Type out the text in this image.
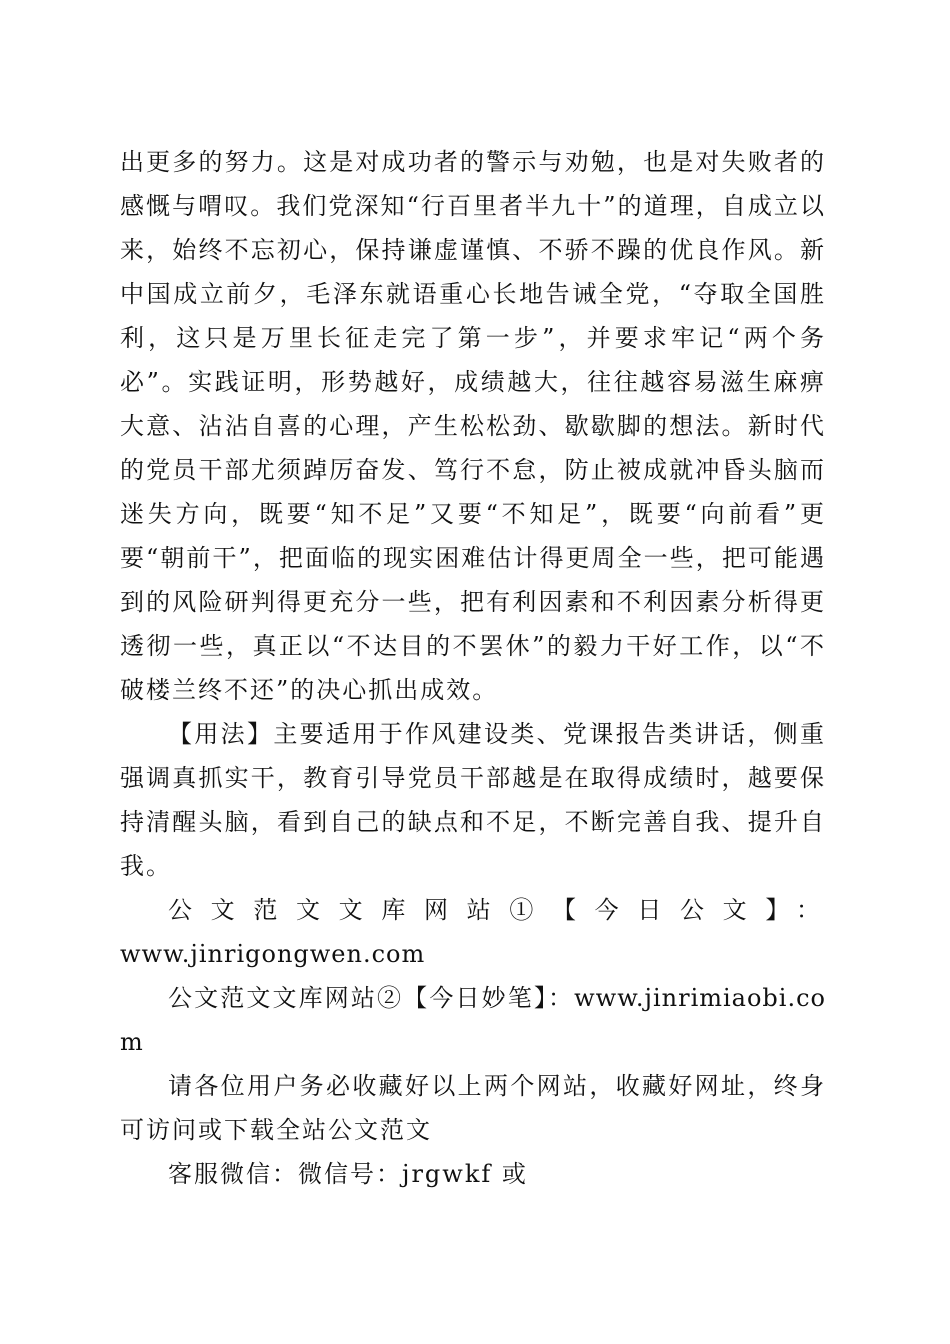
出更多的努力。这是对成功者的警示与劝勉，也是对失败者的感慨与喟叹。我们党深知“行百里者半九十”的道理，自成立以来，始终不忘初心，保持谦虚谨慎、不骄不躁的优良作风。新中国成立前夕，毛泽东就语重心长地告诫全党，“夺取全国胜利，这只是万里长征走完了第一步”，并要求牢记“两个务必”。实践证明，形势越好，成绩越大，往往越容易滋生麻痹大意、沾沾自喜的心理，产生松松劲、歇歇脚的想法。新时代的党员干部尤须踔厉奋发、笃行不怠，防止被成就冲昏头脑而迷失方向，既要“知不足”又要“不知足”，既要“向前看”更要“朝前干”，把面临的现实困难估计得更周全一些，把可能遇到的风险研判得更充分一些，把有利因素和不利因素分析得更透彻一些，真正以“不达目的不罢休”的毅力干好工作，以“不破楼兰终不还”的决心抓出成效。

【用法】主要适用于作风建设类、党课报告类讲话，侧重强调真抓实干，教育引导党员干部越是在取得成绩时，越要保持清醒头脑，看到自己的缺点和不足，不断完善自我、提升自我。

公文范文文库网站①【今日公文】：

www.jinrigongwen.com

公文范文文库网站②【今日妙笔】：www.jinrimiaobi.com

请各位用户务必收藏好以上两个网站，收藏好网址，终身可访问或下载全站公文范文

客服微信：微信号：jrgwkf 或
